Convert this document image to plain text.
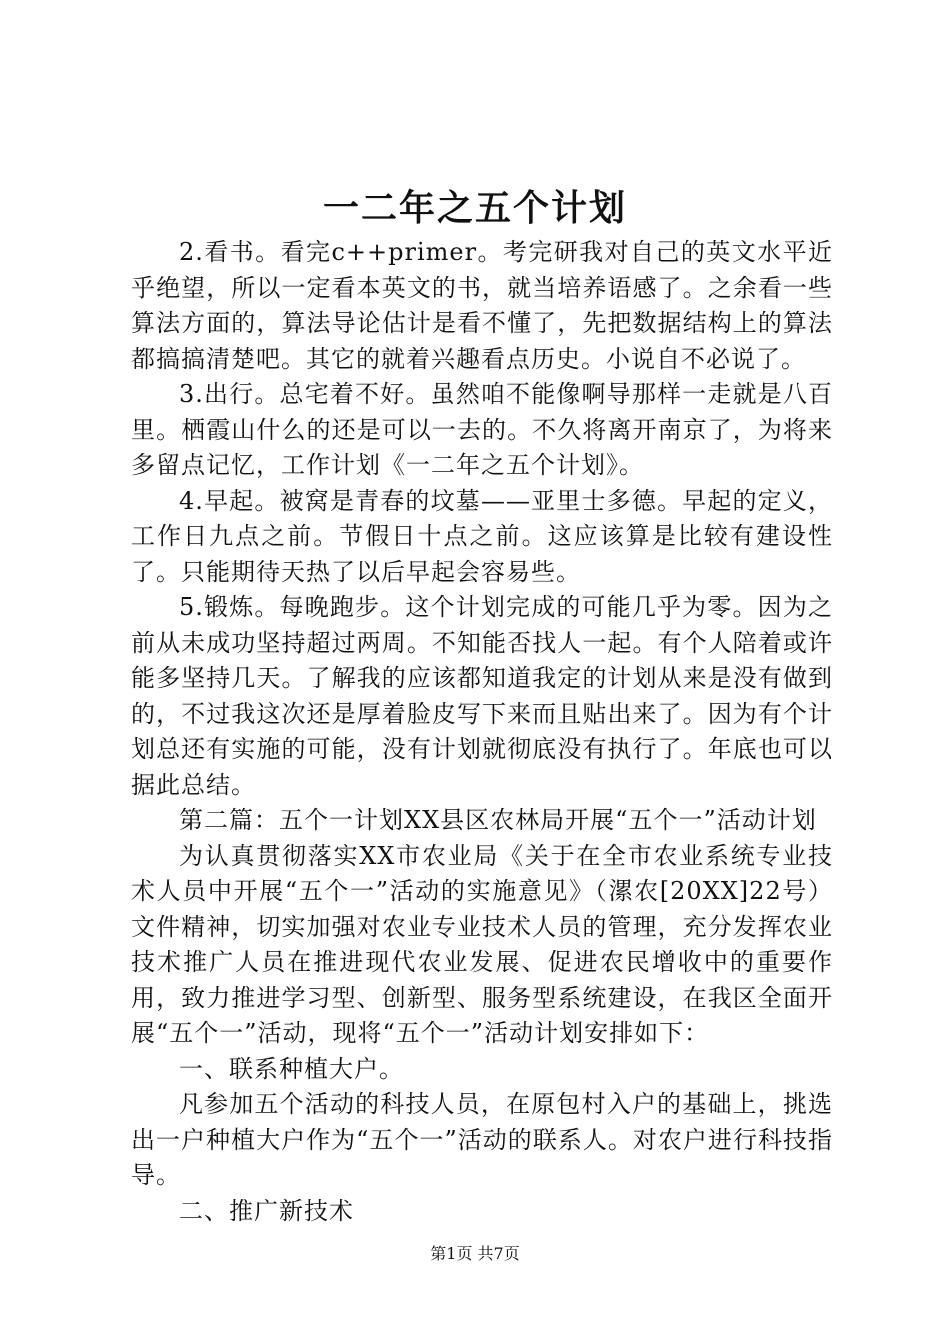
一二年之五个计划

2.看书。看完c++primer。考完研我对自己的英文水平近乎绝望，所以一定看本英文的书，就当培养语感了。之余看一些算法方面的，算法导论估计是看不懂了，先把数据结构上的算法都搞搞清楚吧。其它的就着兴趣看点历史。小说自不必说了。

3.出行。总宅着不好。虽然咱不能像啊导那样一走就是八百里。栖霞山什么的还是可以一去的。不久将离开南京了，为将来多留点记忆，工作计划《一二年之五个计划》。

4.早起。被窝是青春的坟墓——亚里士多德。早起的定义，工作日九点之前。节假日十点之前。这应该算是比较有建设性了。只能期待天热了以后早起会容易些。

5.锻炼。每晚跑步。这个计划完成的可能几乎为零。因为之前从未成功坚持超过两周。不知能否找人一起。有个人陪着或许能多坚持几天。了解我的应该都知道我定的计划从来是没有做到的，不过我这次还是厚着脸皮写下来而且贴出来了。因为有个计划总还有实施的可能，没有计划就彻底没有执行了。年底也可以据此总结。

第二篇：五个一计划XX县区农林局开展“五个一”活动计划

为认真贯彻落实XX市农业局《关于在全市农业系统专业技术人员中开展“五个一”活动的实施意见》（漯农[20XX]22号）文件精神，切实加强对农业专业技术人员的管理，充分发挥农业技术推广人员在推进现代农业发展、促进农民增收中的重要作用，致力推进学习型、创新型、服务型系统建设，在我区全面开展“五个一”活动，现将“五个一”活动计划安排如下：

一、联系种植大户。

凡参加五个活动的科技人员，在原包村入户的基础上，挑选出一户种植大户作为“五个一”活动的联系人。对农户进行科技指导。

二、推广新技术

第1页 共7页
